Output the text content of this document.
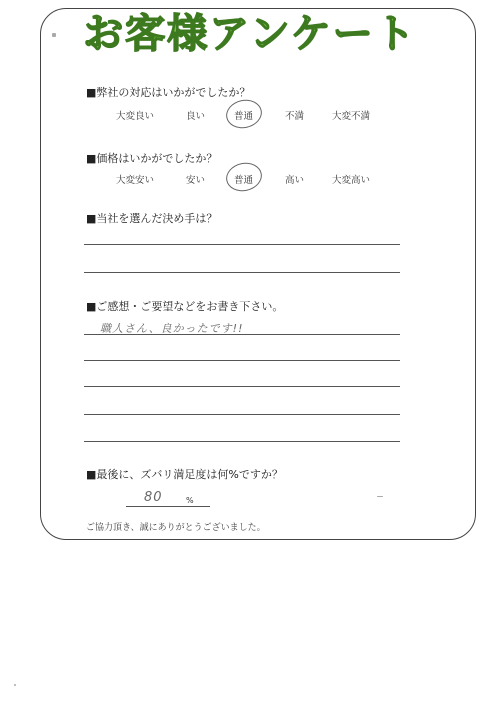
お客様アンケート
■弊社の対応はいかがでしたか？
大変良い	良い	普通	不満	大変不満
■価格はいかがでしたか？
大変安い	安い	普通	高い	大変高い
■当社を選んだ決め手は？
■ご感想・ご要望などをお書き下さい。
職人さん、良かったです!!
■最後に、ズバリ満足度は何%ですか？
80	%
ご協力頂き、誠にありがとうございました。
